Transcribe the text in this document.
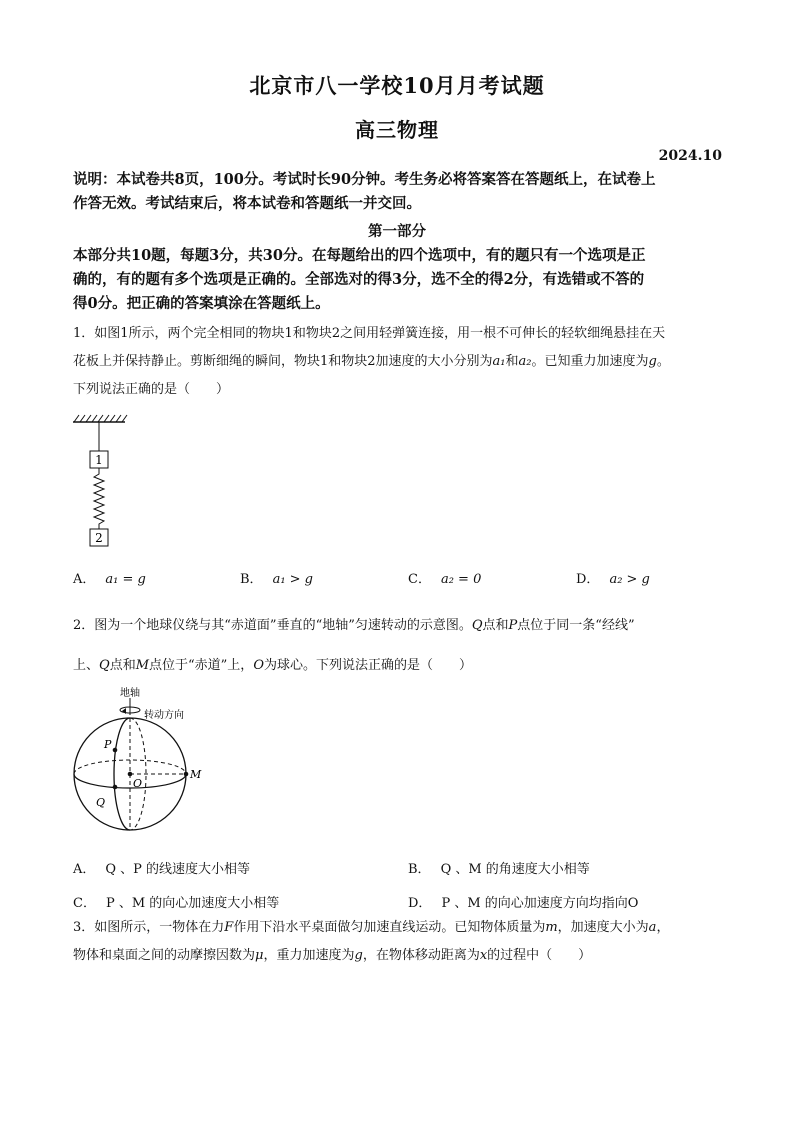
北京市八一学校10月月考试题
高三物理
2024.10
说明：本试卷共8页，100分。考试时长90分钟。考生务必将答案答在答题纸上，在试卷上
作答无效。考试结束后，将本试卷和答题纸一并交回。
第一部分
本部分共10题，每题3分，共30分。在每题给出的四个选项中，有的题只有一个选项是正
确的，有的题有多个选项是正确的。全部选对的得3分，选不全的得2分，有选错或不答的
得0分。把正确的答案填涂在答题纸上。
1．如图1所示，两个完全相同的物块1和物块2之间用轻弹簧连接，用一根不可伸长的轻软细绳悬挂在天
花板上并保持静止。剪断细绳的瞬间，物块1和物块2加速度的大小分别为a₁和a₂。已知重力加速度为g。
下列说法正确的是（　　）
1
2
A． a₁ = g	B． a₁ > g	C． a₂ = 0	D． a₂ > g
2．图为一个地球仪绕与其“赤道面”垂直的“地轴”匀速转动的示意图。Q点和P点位于同一条“经线”
上、Q点和M点位于“赤道”上，O为球心。下列说法正确的是（　　）
地轴
转动方向
P
Q
O
M
A． Q 、P 的线速度大小相等	B． Q 、M 的角速度大小相等
C． P 、M 的向心加速度大小相等	D． P 、M 的向心加速度方向均指向O
3．如图所示，一物体在力F作用下沿水平桌面做匀加速直线运动。已知物体质量为m，加速度大小为a，
物体和桌面之间的动摩擦因数为μ，重力加速度为g，在物体移动距离为x的过程中（　　）
